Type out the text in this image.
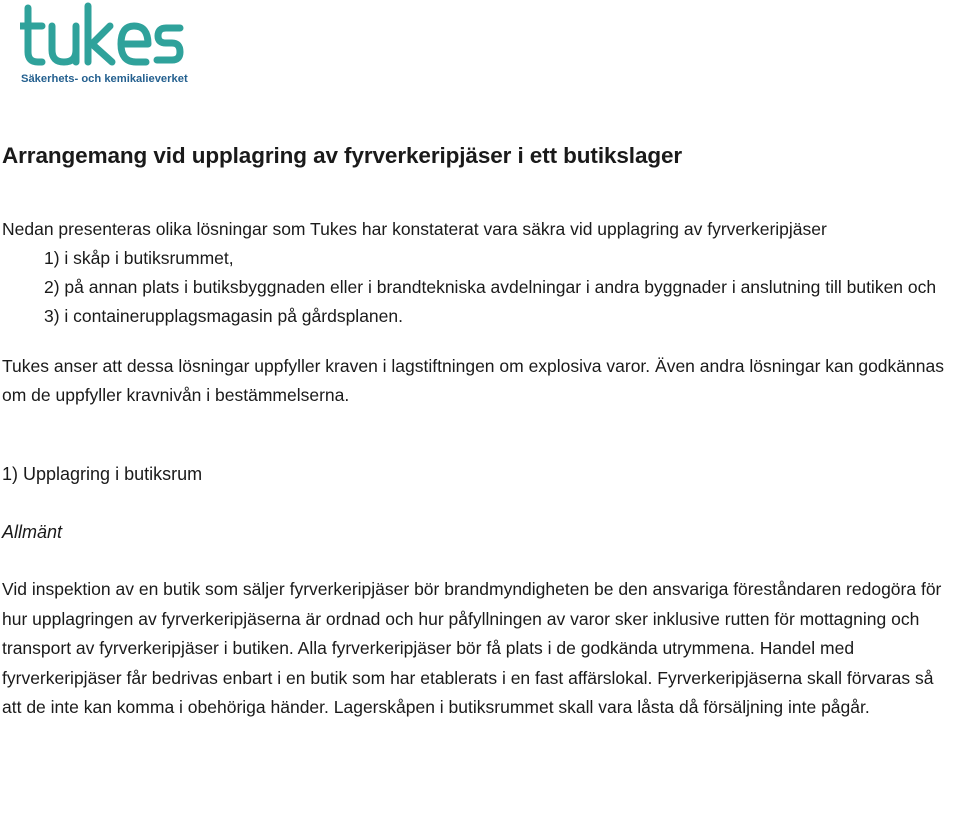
Säkerhets- och kemikalieverket
Arrangemang vid upplagring av fyrverkeripjäser i ett butikslager
Nedan presenteras olika lösningar som Tukes har konstaterat vara säkra vid upplagring av fyrverkeripjäser
1) i skåp i butiksrummet,
2) på annan plats i butiksbyggnaden eller i brandtekniska avdelningar i andra byggnader i anslutning till butiken och
3) i containerupplagsmagasin på gårdsplanen.

Tukes anser att dessa lösningar uppfyller kraven i lagstiftningen om explosiva varor. Även andra lösningar kan godkännas om de uppfyller kravnivån i bestämmelserna.

1) Upplagring i butiksrum
Allmänt

Vid inspektion av en butik som säljer fyrverkeripjäser bör brandmyndigheten be den ansvariga föreståndaren redogöra för hur upplagringen av fyrverkeripjäserna är ordnad och hur påfyllningen av varor sker inklusive rutten för mottagning och transport av fyrverkeripjäser i butiken. Alla fyrverkeripjäser bör få plats i de godkända utrymmena. Handel med fyrverkeripjäser får bedrivas enbart i en butik som har etablerats i en fast affärslokal. Fyrverkeripjäserna skall förvaras så att de inte kan komma i obehöriga händer. Lagerskåpen i butiksrummet skall vara låsta då försäljning inte pågår.
